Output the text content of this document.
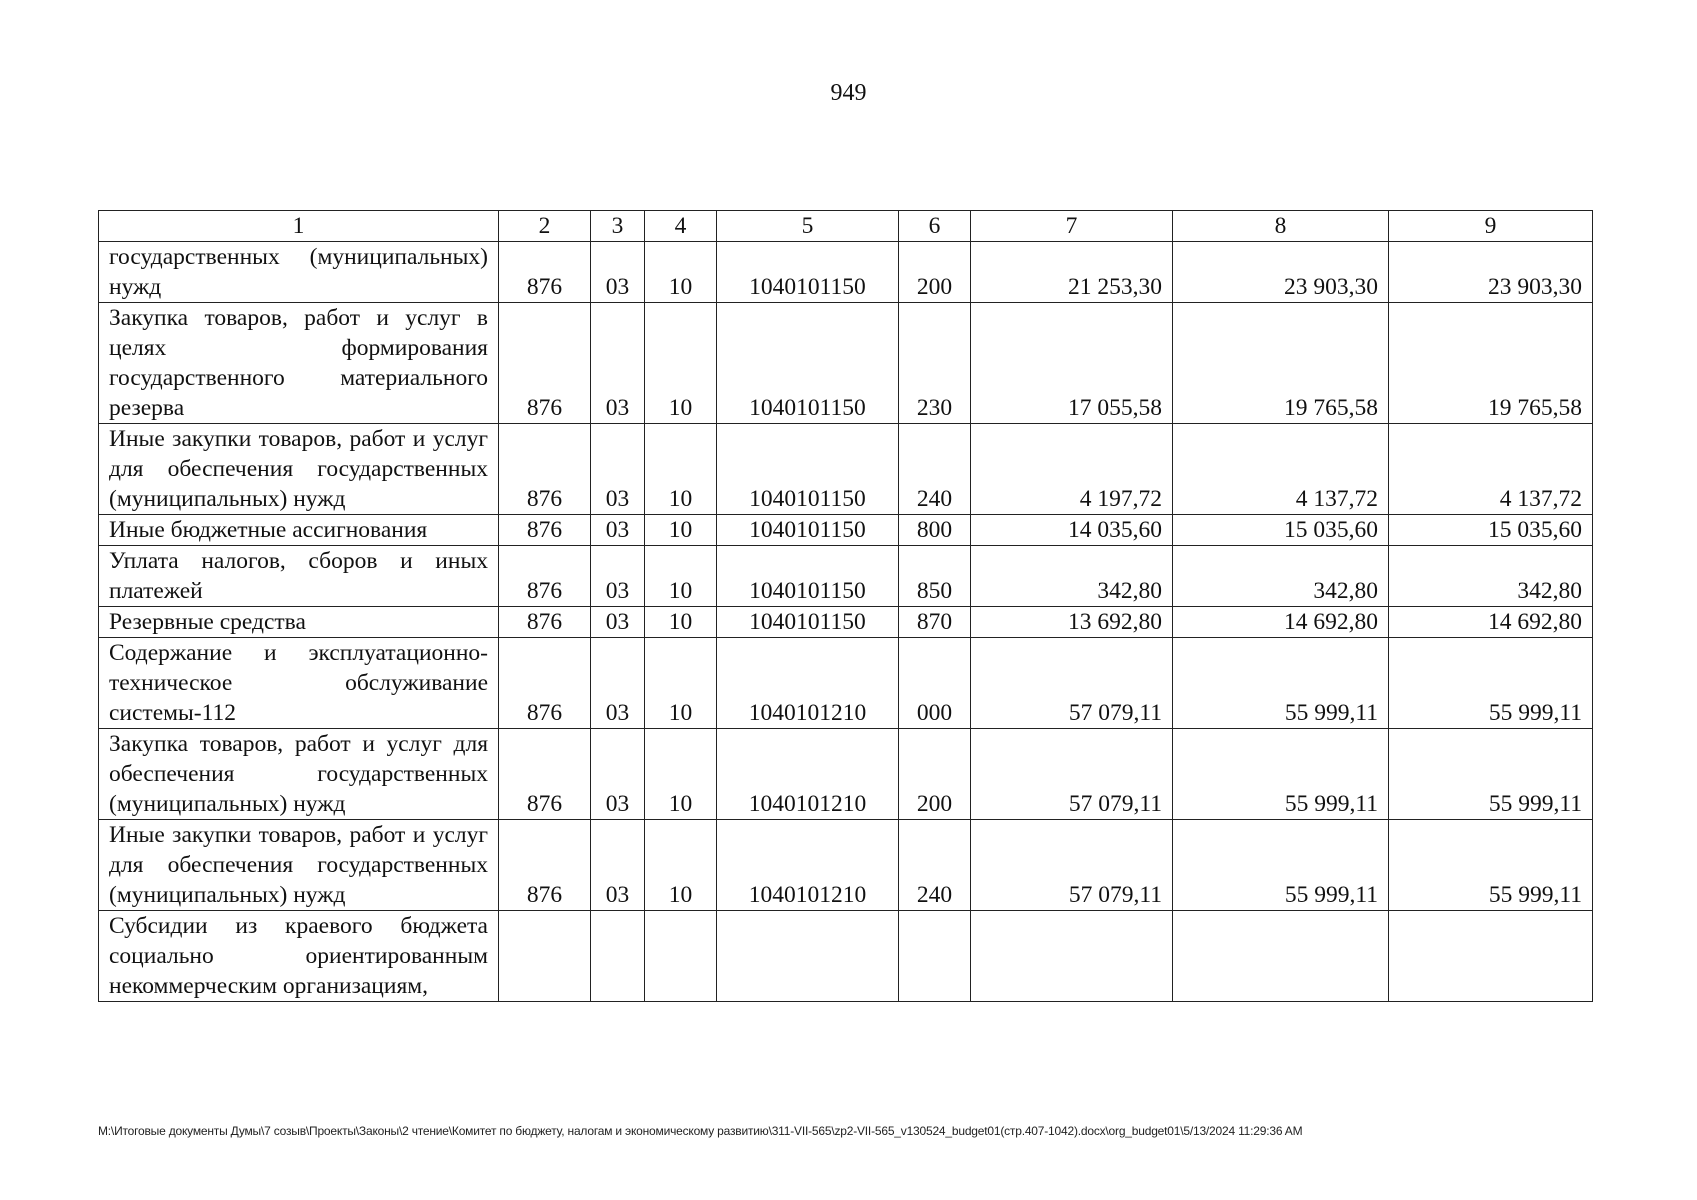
949
1	2	3	4	5	6	7	8	9
государственных (муниципальных) нужд	876	03	10	1040101150	200	21 253,30	23 903,30	23 903,30
Закупка товаров, работ и услуг в целях формирования государственного материального резерва	876	03	10	1040101150	230	17 055,58	19 765,58	19 765,58
Иные закупки товаров, работ и услуг для обеспечения государственных (муниципальных) нужд	876	03	10	1040101150	240	4 197,72	4 137,72	4 137,72
Иные бюджетные ассигнования	876	03	10	1040101150	800	14 035,60	15 035,60	15 035,60
Уплата налогов, сборов и иных платежей	876	03	10	1040101150	850	342,80	342,80	342,80
Резервные средства	876	03	10	1040101150	870	13 692,80	14 692,80	14 692,80
Содержание и эксплуатационно-техническое обслуживание системы-112	876	03	10	1040101210	000	57 079,11	55 999,11	55 999,11
Закупка товаров, работ и услуг для обеспечения государственных (муниципальных) нужд	876	03	10	1040101210	200	57 079,11	55 999,11	55 999,11
Иные закупки товаров, работ и услуг для обеспечения государственных (муниципальных) нужд	876	03	10	1040101210	240	57 079,11	55 999,11	55 999,11
Субсидии из краевого бюджета социально ориентированным некоммерческим организациям,								
M:\Итоговые документы Думы\7 созыв\Проекты\Законы\2 чтение\Комитет по бюджету, налогам и экономическому развитию\311-VII-565\zp2-VII-565_v130524_budget01(стр.407-1042).docx\org_budget01\5/13/2024 11:29:36 AM
